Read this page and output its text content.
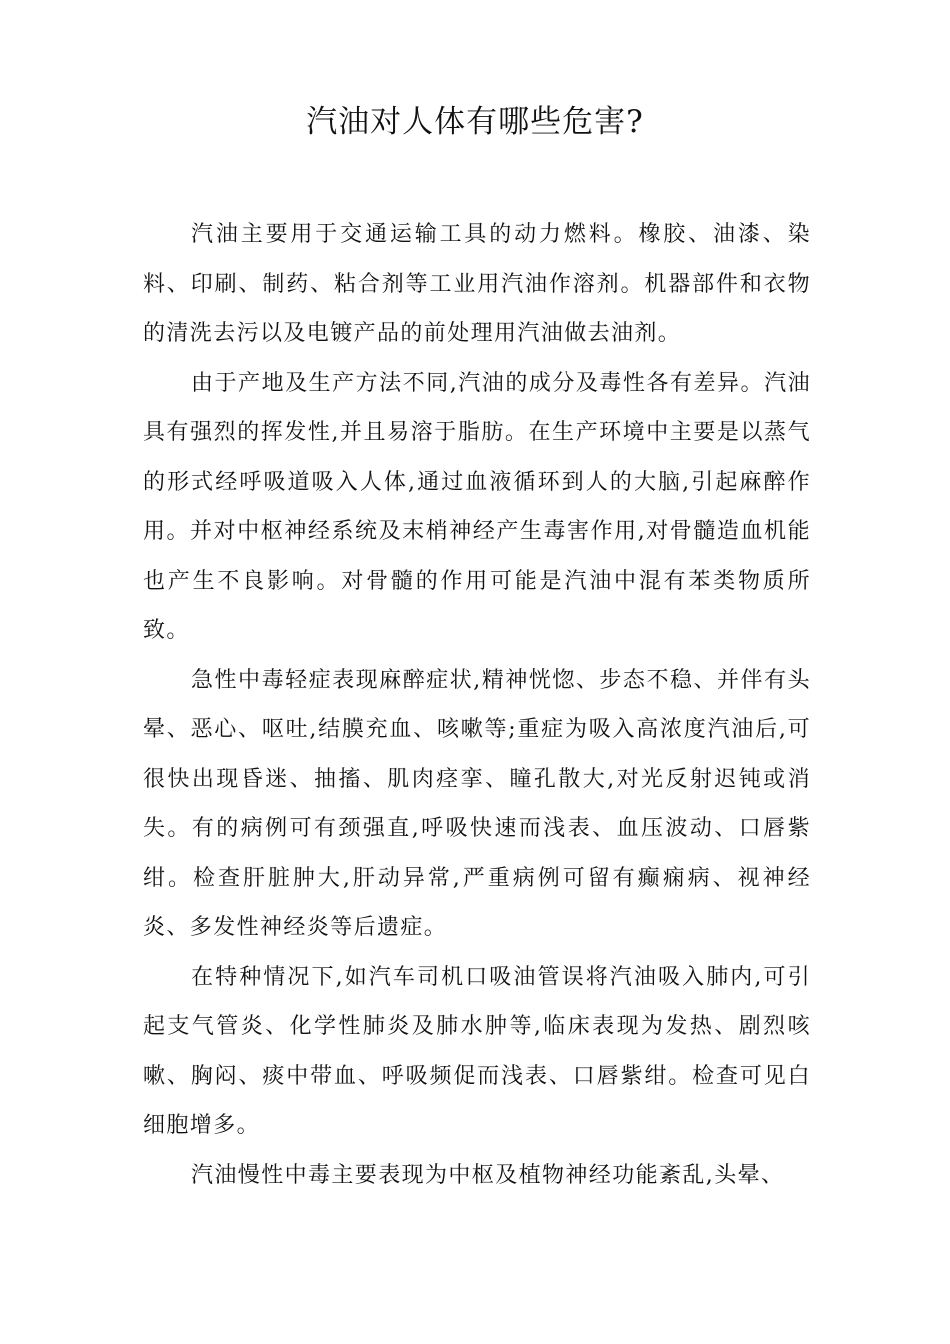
汽油对人体有哪些危害?

汽油主要用于交通运输工具的动力燃料。橡胶、油漆、染料、印刷、制药、粘合剂等工业用汽油作溶剂。机器部件和衣物的清洗去污以及电镀产品的前处理用汽油做去油剂。

由于产地及生产方法不同,汽油的成分及毒性各有差异。汽油具有强烈的挥发性,并且易溶于脂肪。在生产环境中主要是以蒸气的形式经呼吸道吸入人体,通过血液循环到人的大脑,引起麻醉作用。并对中枢神经系统及末梢神经产生毒害作用,对骨髓造血机能也产生不良影响。对骨髓的作用可能是汽油中混有苯类物质所致。

急性中毒轻症表现麻醉症状,精神恍惚、步态不稳、并伴有头晕、恶心、呕吐,结膜充血、咳嗽等;重症为吸入高浓度汽油后,可很快出现昏迷、抽搐、肌肉痉挛、瞳孔散大,对光反射迟钝或消失。有的病例可有颈强直,呼吸快速而浅表、血压波动、口唇紫绀。检查肝脏肿大,肝动异常,严重病例可留有癫痫病、视神经炎、多发性神经炎等后遗症。

在特种情况下,如汽车司机口吸油管误将汽油吸入肺内,可引起支气管炎、化学性肺炎及肺水肿等,临床表现为发热、剧烈咳嗽、胸闷、痰中带血、呼吸频促而浅表、口唇紫绀。检查可见白细胞增多。

汽油慢性中毒主要表现为中枢及植物神经功能紊乱,头晕、
